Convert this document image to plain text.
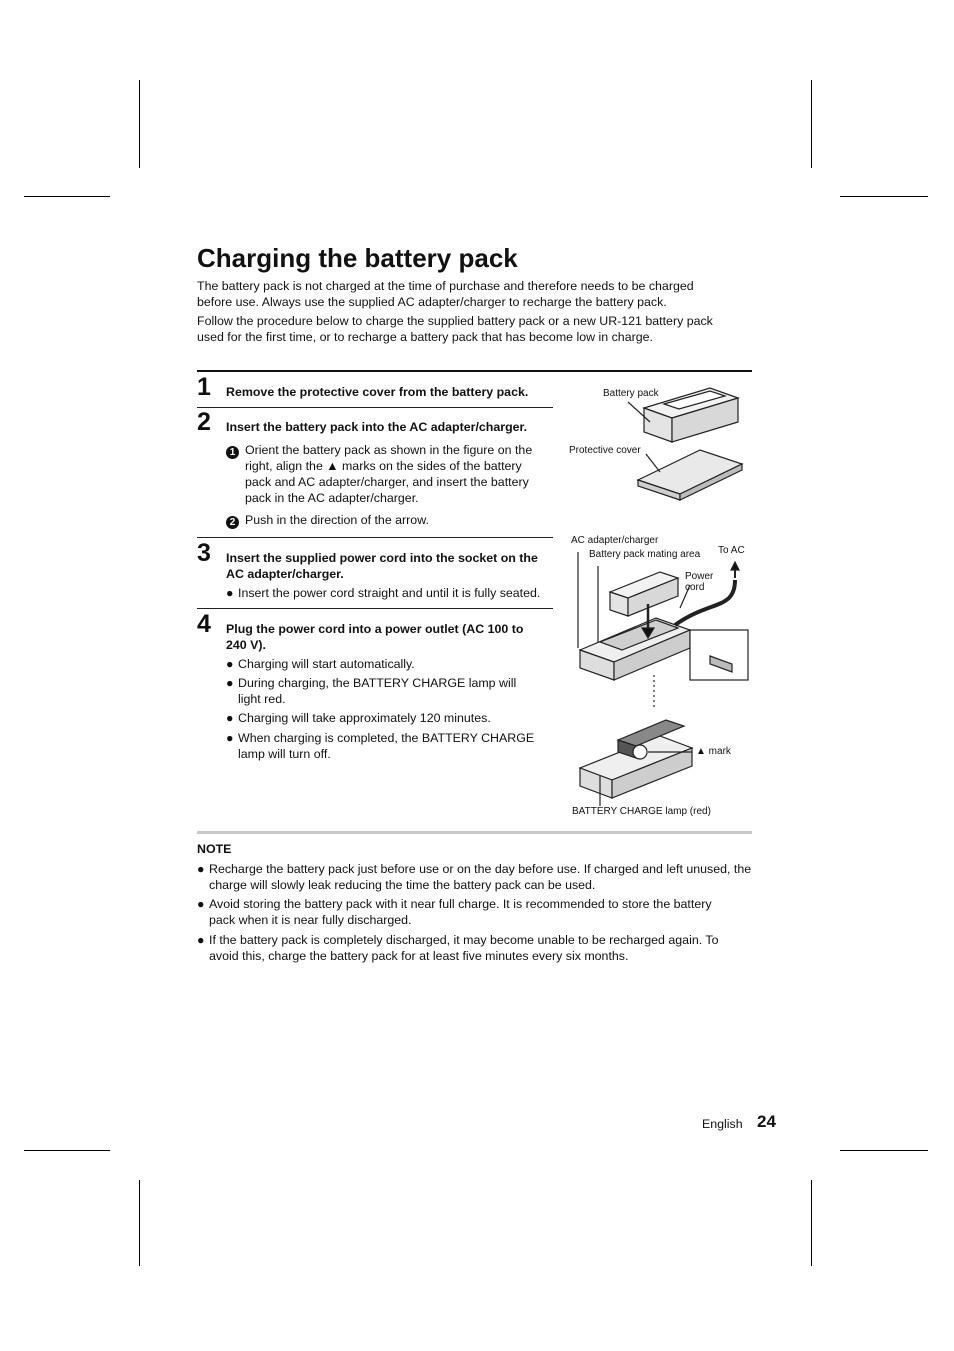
Charging the battery pack

The battery pack is not charged at the time of purchase and therefore needs to be charged before use. Always use the supplied AC adapter/charger to recharge the battery pack.

Follow the procedure below to charge the supplied battery pack or a new UR-121 battery pack used for the first time, or to recharge a battery pack that has become low in charge.

1 Remove the protective cover from the battery pack.
2 Insert the battery pack into the AC adapter/charger.
1 Orient the battery pack as shown in the figure on the right, align the ▲ marks on the sides of the battery pack and AC adapter/charger, and insert the battery pack in the AC adapter/charger.
2 Push in the direction of the arrow.
3 Insert the supplied power cord into the socket on the AC adapter/charger.
● Insert the power cord straight and until it is fully seated.
4 Plug the power cord into a power outlet (AC 100 to 240 V).
● Charging will start automatically.
● During charging, the BATTERY CHARGE lamp will light red.
● Charging will take approximately 120 minutes.
● When charging is completed, the BATTERY CHARGE lamp will turn off.
Battery pack
Protective cover
AC adapter/charger
Battery pack mating area To AC
Power cord
▲ mark
BATTERY CHARGE lamp (red)
NOTE
● Recharge the battery pack just before use or on the day before use. If charged and left unused, the charge will slowly leak reducing the time the battery pack can be used.
● Avoid storing the battery pack with it near full charge. It is recommended to store the battery pack when it is near fully discharged.
● If the battery pack is completely discharged, it may become unable to be recharged again. To avoid this, charge the battery pack for at least five minutes every six months.
English 24
